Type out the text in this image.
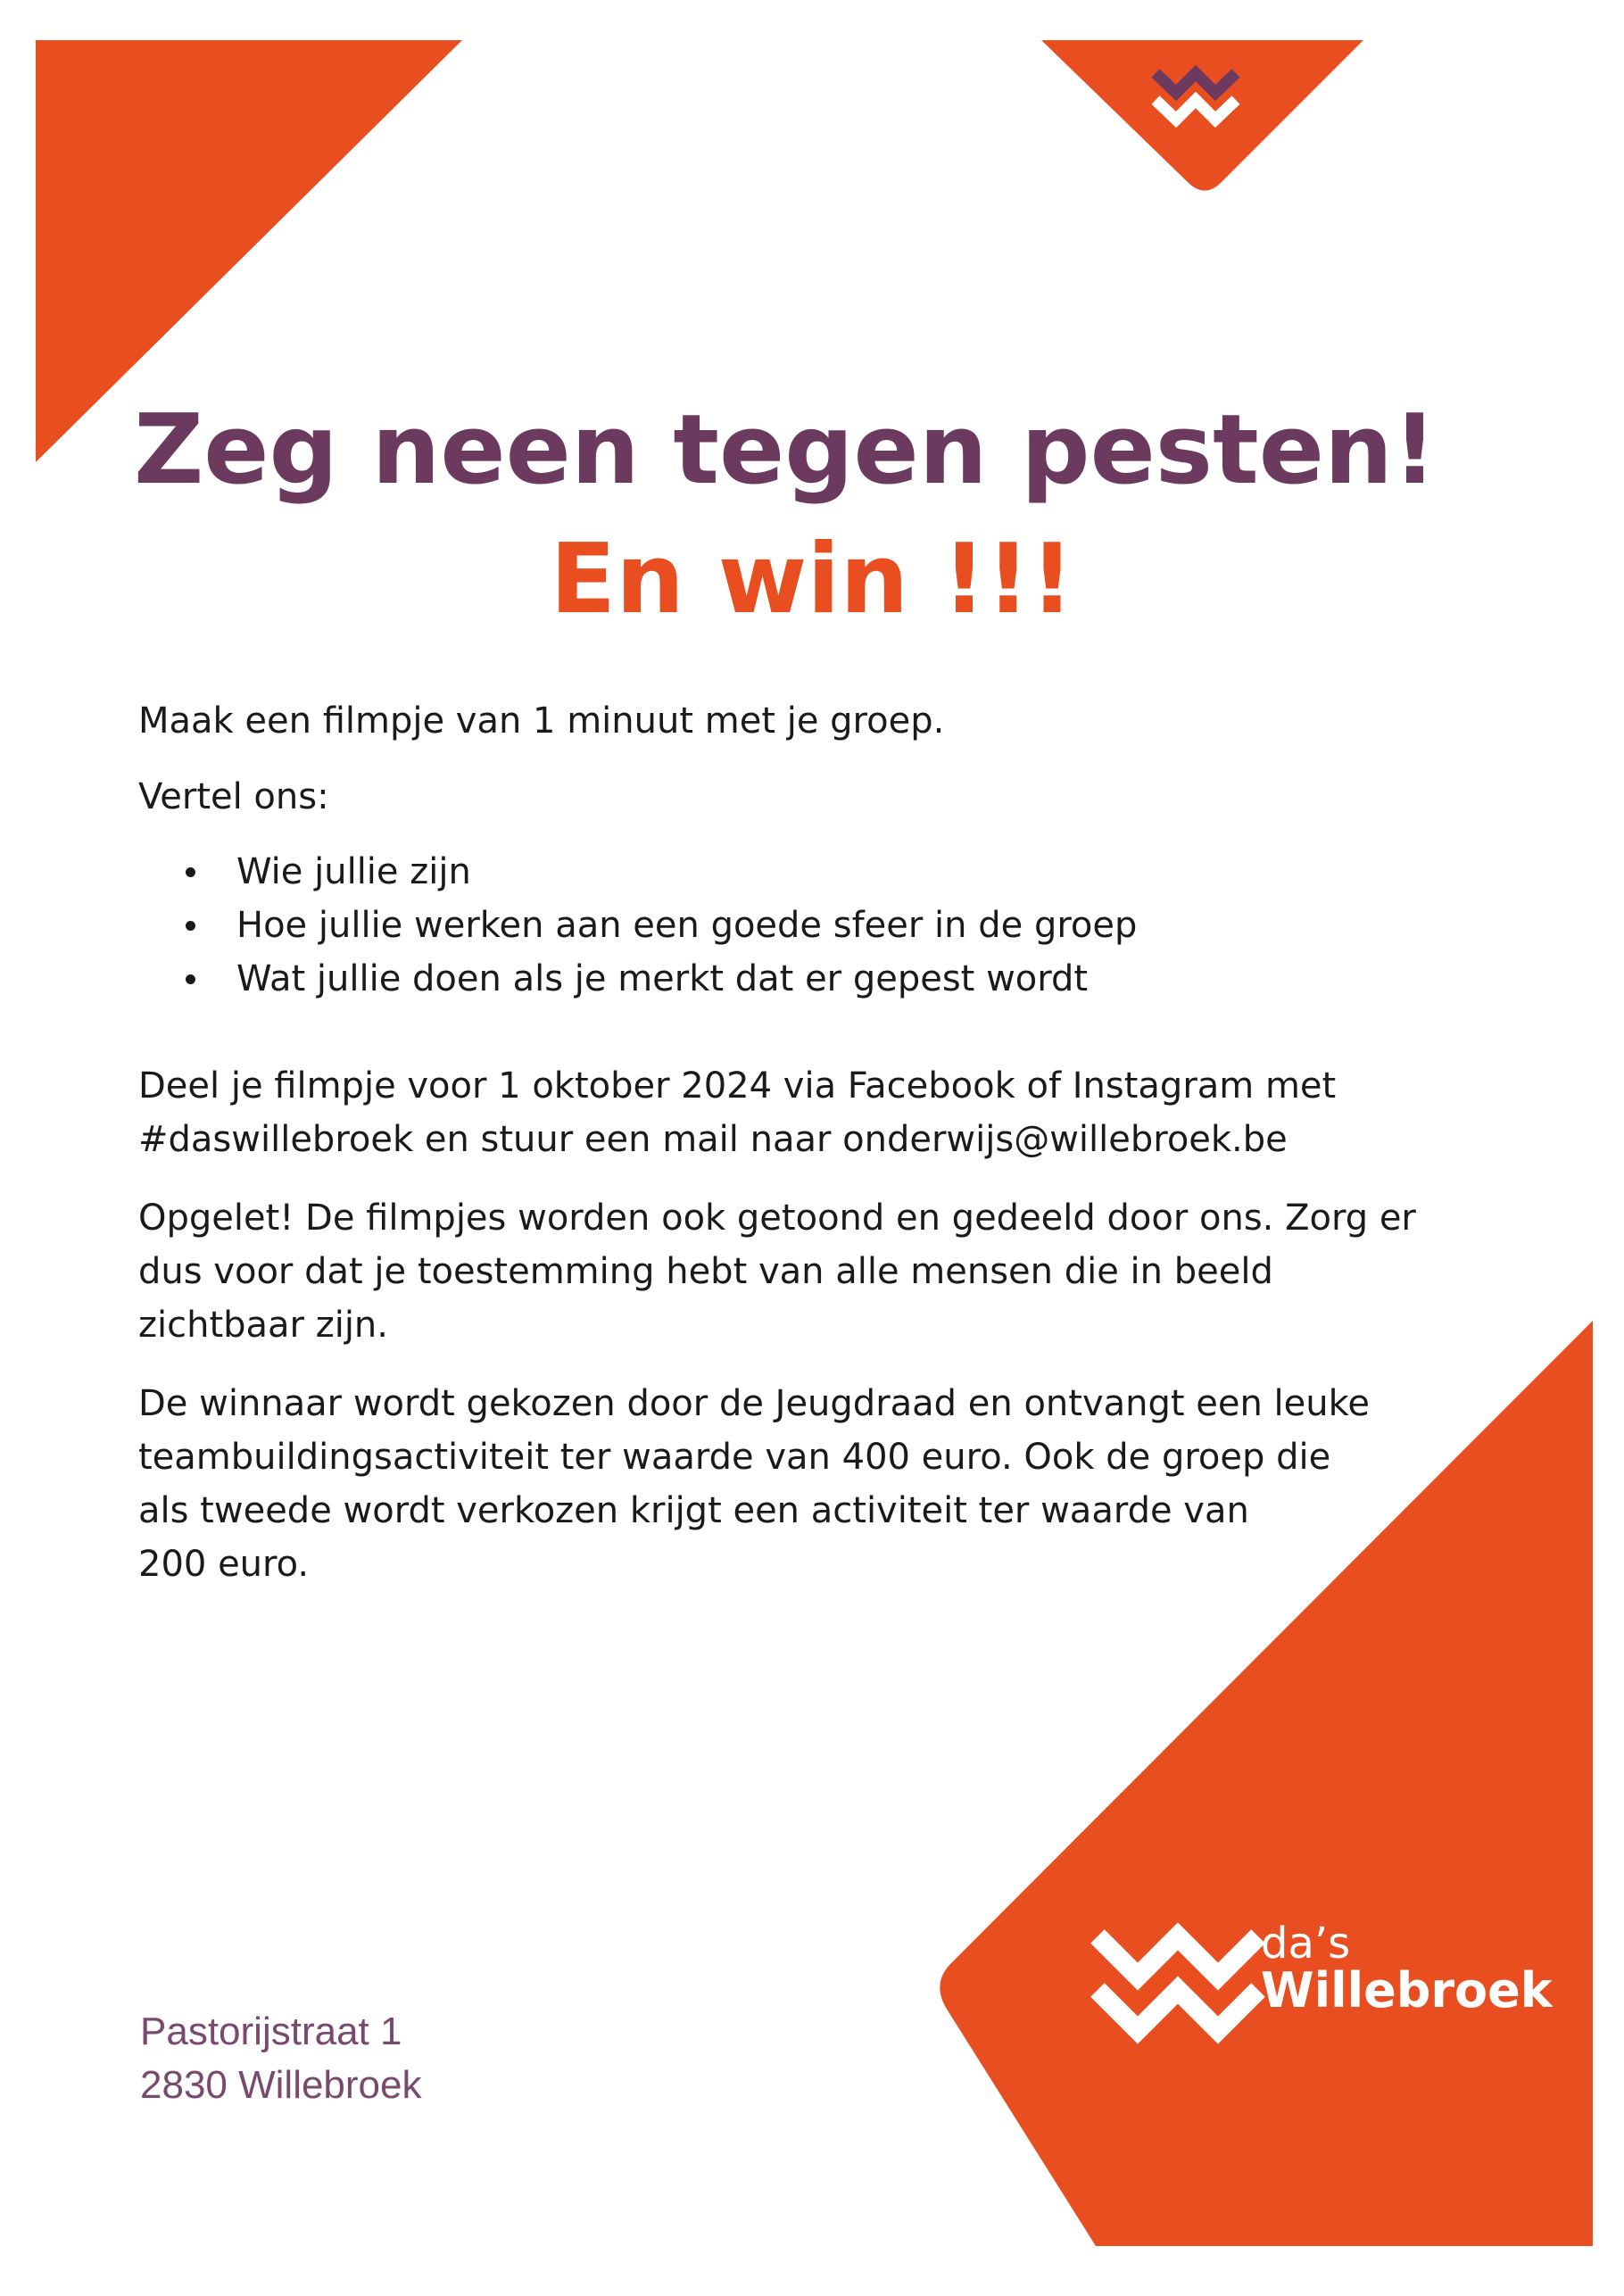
Zeg neen tegen pesten!
En win !!!

Maak een filmpje van 1 minuut met je groep.

Vertel ons:

Wie jullie zijn
Hoe jullie werken aan een goede sfeer in de groep
Wat jullie doen als je merkt dat er gepest wordt

Deel je filmpje voor 1 oktober 2024 via Facebook of Instagram met
#daswillebroek en stuur een mail naar onderwijs@willebroek.be

Opgelet! De filmpjes worden ook getoond en gedeeld door ons. Zorg er
dus voor dat je toestemming hebt van alle mensen die in beeld
zichtbaar zijn.

De winnaar wordt gekozen door de Jeugdraad en ontvangt een leuke
teambuildingsactiviteit ter waarde van 400 euro. Ook de groep die
als tweede wordt verkozen krijgt een activiteit ter waarde van
200 euro.

Pastorijstraat 1
2830 Willebroek

da’s
Willebroek
